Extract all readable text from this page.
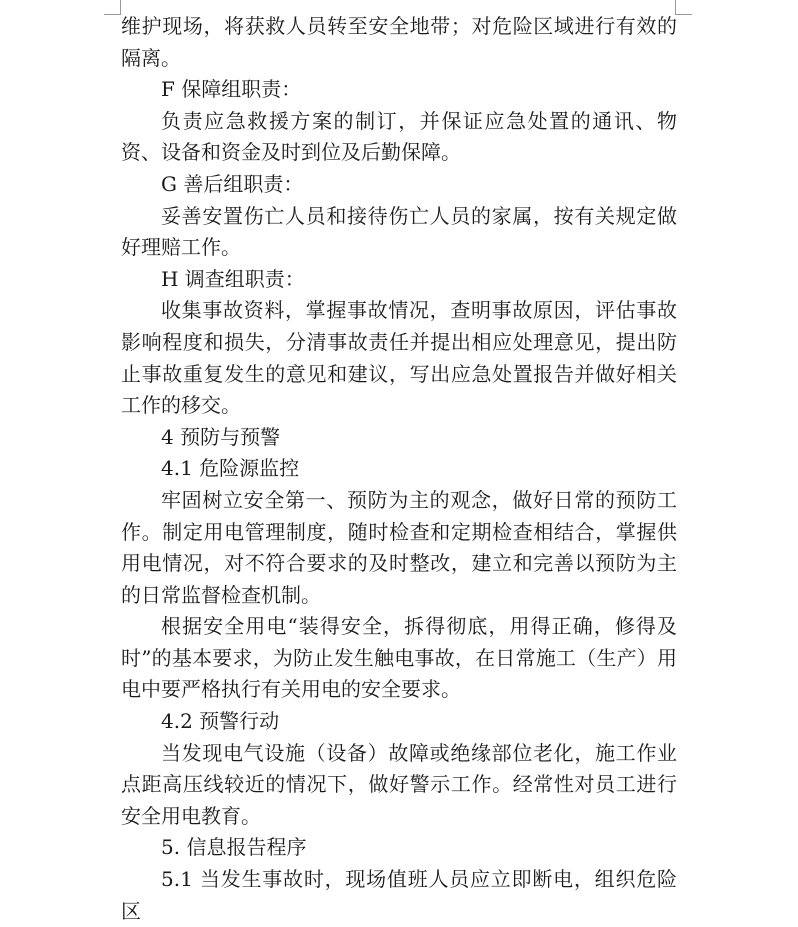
维护现场，将获救人员转至安全地带；对危险区域进行有效的隔离。

F 保障组职责：

负责应急救援方案的制订，并保证应急处置的通讯、物资、设备和资金及时到位及后勤保障。

G 善后组职责：

妥善安置伤亡人员和接待伤亡人员的家属，按有关规定做好理赔工作。

H 调查组职责：

收集事故资料，掌握事故情况，查明事故原因，评估事故影响程度和损失，分清事故责任并提出相应处理意见，提出防止事故重复发生的意见和建议，写出应急处置报告并做好相关工作的移交。

4 预防与预警

4.1 危险源监控

牢固树立安全第一、预防为主的观念，做好日常的预防工作。制定用电管理制度，随时检查和定期检查相结合，掌握供用电情况，对不符合要求的及时整改，建立和完善以预防为主的日常监督检查机制。

根据安全用电“装得安全，拆得彻底，用得正确，修得及时”的基本要求，为防止发生触电事故，在日常施工（生产）用电中要严格执行有关用电的安全要求。

4.2 预警行动

当发现电气设施（设备）故障或绝缘部位老化，施工作业点距高压线较近的情况下，做好警示工作。经常性对员工进行安全用电教育。

5. 信息报告程序

5.1 当发生事故时，现场值班人员应立即断电，组织危险区
